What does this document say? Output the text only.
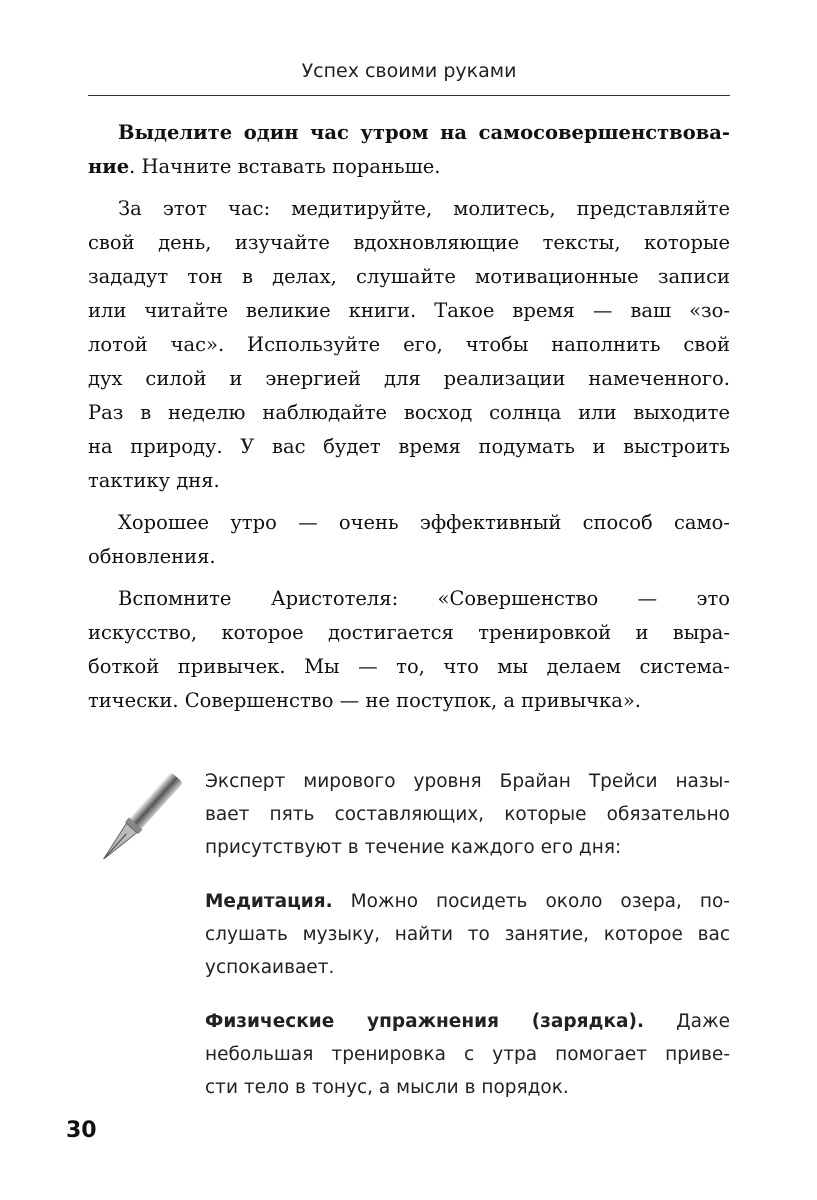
Успех своими руками
Выделите один час утром на самосовершенствова-
ние. Начните вставать пораньше.
За этот час: медитируйте, молитесь, представляйте
свой день, изучайте вдохновляющие тексты, которые
зададут тон в делах, слушайте мотивационные записи
или читайте великие книги. Такое время — ваш «зо-
лотой час». Используйте его, чтобы наполнить свой
дух силой и энергией для реализации намеченного.
Раз в неделю наблюдайте восход солнца или выходите
на природу. У вас будет время подумать и выстроить
тактику дня.
Хорошее утро — очень эффективный способ само-
обновления.
Вспомните Аристотеля: «Совершенство — это
искусство, которое достигается тренировкой и выра-
боткой привычек. Мы — то, что мы делаем система-
тически. Совершенство — не поступок, а привычка».
Эксперт мирового уровня Брайан Трейси назы-
вает пять составляющих, которые обязательно
присутствуют в течение каждого его дня:
Медитация. Можно посидеть около озера, по-
слушать музыку, найти то занятие, которое вас
успокаивает.
Физические упражнения (зарядка). Даже
небольшая тренировка с утра помогает приве-
сти тело в тонус, а мысли в порядок.
30
